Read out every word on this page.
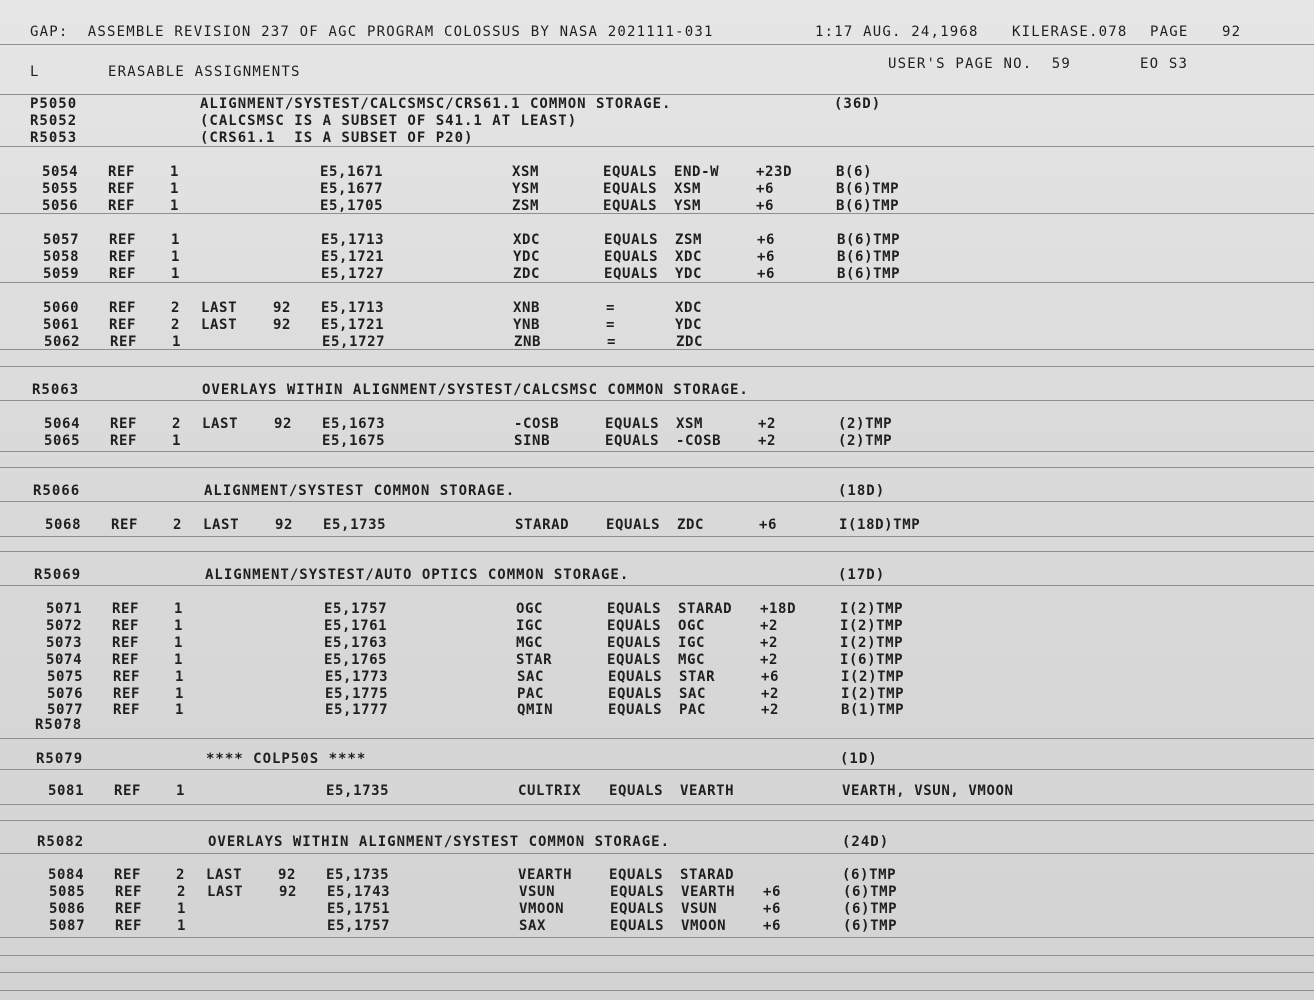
GAP:  ASSEMBLE REVISION 237 OF AGC PROGRAM COLOSSUS BY NASA 2021111-031	1:17 AUG. 24,1968 KILERASE.078 PAGE 92
USER'S PAGE NO.  59	EO S3
L	ERASABLE ASSIGNMENTS
P5050	ALIGNMENT/SYSTEST/CALCSMSC/CRS61.1 COMMON STORAGE.	(36D)
R5052	(CALCSMSC IS A SUBSET OF S41.1 AT LEAST)
R5053	(CRS61.1  IS A SUBSET OF P20)
R5063	OVERLAYS WITHIN ALIGNMENT/SYSTEST/CALCSMSC COMMON STORAGE.
R5066	ALIGNMENT/SYSTEST COMMON STORAGE.	(18D)
R5069	ALIGNMENT/SYSTEST/AUTO OPTICS COMMON STORAGE.	(17D)
R5078
R5079	**** COLP50S ****	(1D)
R5082	OVERLAYS WITHIN ALIGNMENT/SYSTEST COMMON STORAGE.	(24D)
5054 REF 1	E5,1671	XSM	EQUALS END-W	+23D	B(6)
5055 REF 1	E5,1677	YSM	EQUALS XSM	+6	B(6)TMP
5056 REF 1	E5,1705	ZSM	EQUALS YSM	+6	B(6)TMP
5057 REF 1	E5,1713	XDC	EQUALS ZSM	+6	B(6)TMP
5058 REF 1	E5,1721	YDC	EQUALS XDC	+6	B(6)TMP
5059 REF 1	E5,1727	ZDC	EQUALS YDC	+6	B(6)TMP
5060 REF 2 LAST	92 E5,1713	XNB	=	XDC
5061 REF 2 LAST	92 E5,1721	YNB	=	YDC
5062 REF 1	E5,1727	ZNB	=	ZDC
5064 REF 2 LAST	92 E5,1673	-COSB	EQUALS XSM	+2	(2)TMP
5065 REF 1	E5,1675	SINB	EQUALS -COSB	+2	(2)TMP
5068 REF 2 LAST	92 E5,1735	STARAD	EQUALS ZDC	+6	I(18D)TMP
5071 REF 1	E5,1757	OGC	EQUALS STARAD +18D	I(2)TMP
5072 REF 1	E5,1761	IGC	EQUALS OGC	+2	I(2)TMP
5073 REF 1	E5,1763	MGC	EQUALS IGC	+2	I(2)TMP
5074 REF 1	E5,1765	STAR	EQUALS MGC	+2	I(6)TMP
5075 REF 1	E5,1773	SAC	EQUALS STAR	+6	I(2)TMP
5076 REF 1	E5,1775	PAC	EQUALS SAC	+2	I(2)TMP
5077 REF 1	E5,1777	QMIN	EQUALS PAC	+2	B(1)TMP
5081 REF 1	E5,1735	CULTRIX EQUALS VEARTH	VEARTH, VSUN, VMOON
5084 REF 2 LAST	92 E5,1735	VEARTH	EQUALS STARAD	(6)TMP
5085 REF 2 LAST	92 E5,1743	VSUN	EQUALS VEARTH +6	(6)TMP
5086 REF 1	E5,1751	VMOON	EQUALS VSUN	+6	(6)TMP
5087 REF 1	E5,1757	SAX	EQUALS VMOON	+6	(6)TMP
